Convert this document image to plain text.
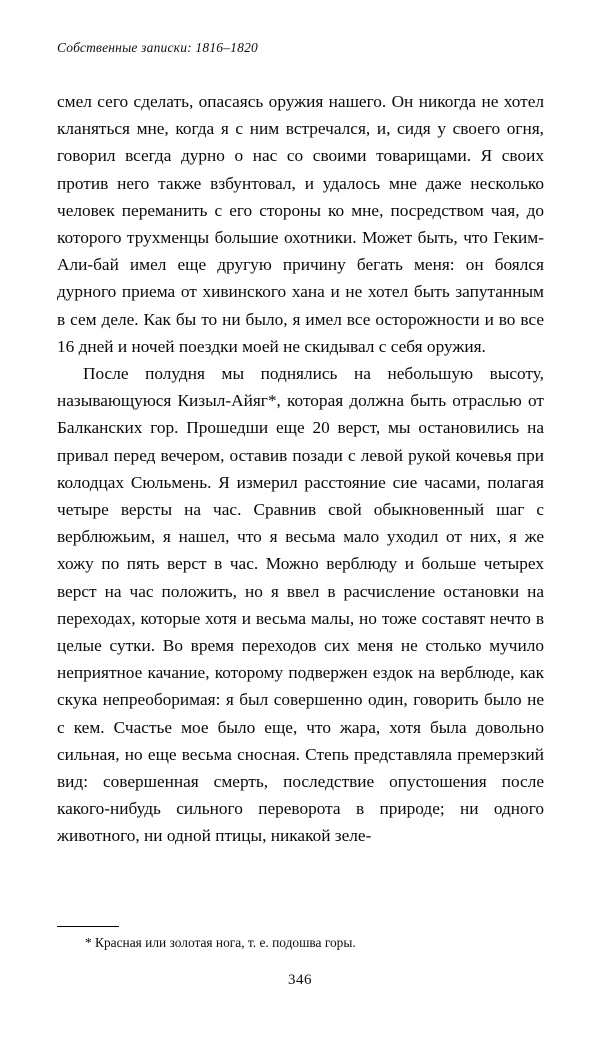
Собственные записки: 1816–1820

смел сего сделать, опасаясь оружия нашего. Он никогда не хотел кланяться мне, когда я с ним встречался, и, сидя у своего огня, говорил всегда дурно о нас со своими товарищами. Я своих против него также взбунтовал, и удалось мне даже несколько человек переманить с его стороны ко мне, посредством чая, до которого трухменцы большие охотники. Может быть, что Геким-Али-бай имел еще другую причину бегать меня: он боялся дурного приема от хивинского хана и не хотел быть запутанным в сем деле. Как бы то ни было, я имел все осторожности и во все 16 дней и ночей поездки моей не скидывал с себя оружия.

После полудня мы поднялись на небольшую высоту, называющуюся Кизыл-Айяг*, которая должна быть отраслью от Балканских гор. Прошедши еще 20 верст, мы остановились на привал перед вечером, оставив позади с левой рукой кочевья при колодцах Сюльмень. Я измерил расстояние сие часами, полагая четыре версты на час. Сравнив свой обыкновенный шаг с верблюжьим, я нашел, что я весьма мало уходил от них, я же хожу по пять верст в час. Можно верблюду и больше четырех верст на час положить, но я ввел в расчисление остановки на переходах, которые хотя и весьма малы, но тоже составят нечто в целые сутки. Во время переходов сих меня не столько мучило неприятное качание, которому подвержен ездок на верблюде, как скука непреоборимая: я был совершенно один, говорить было не с кем. Счастье мое было еще, что жара, хотя была довольно сильная, но еще весьма сносная. Степь представляла премерзкий вид: совершенная смерть, последствие опустошения после какого-нибудь сильного переворота в природе; ни одного животного, ни одной птицы, никакой зеле-

* Красная или золотая нога, т. е. подошва горы.
346
